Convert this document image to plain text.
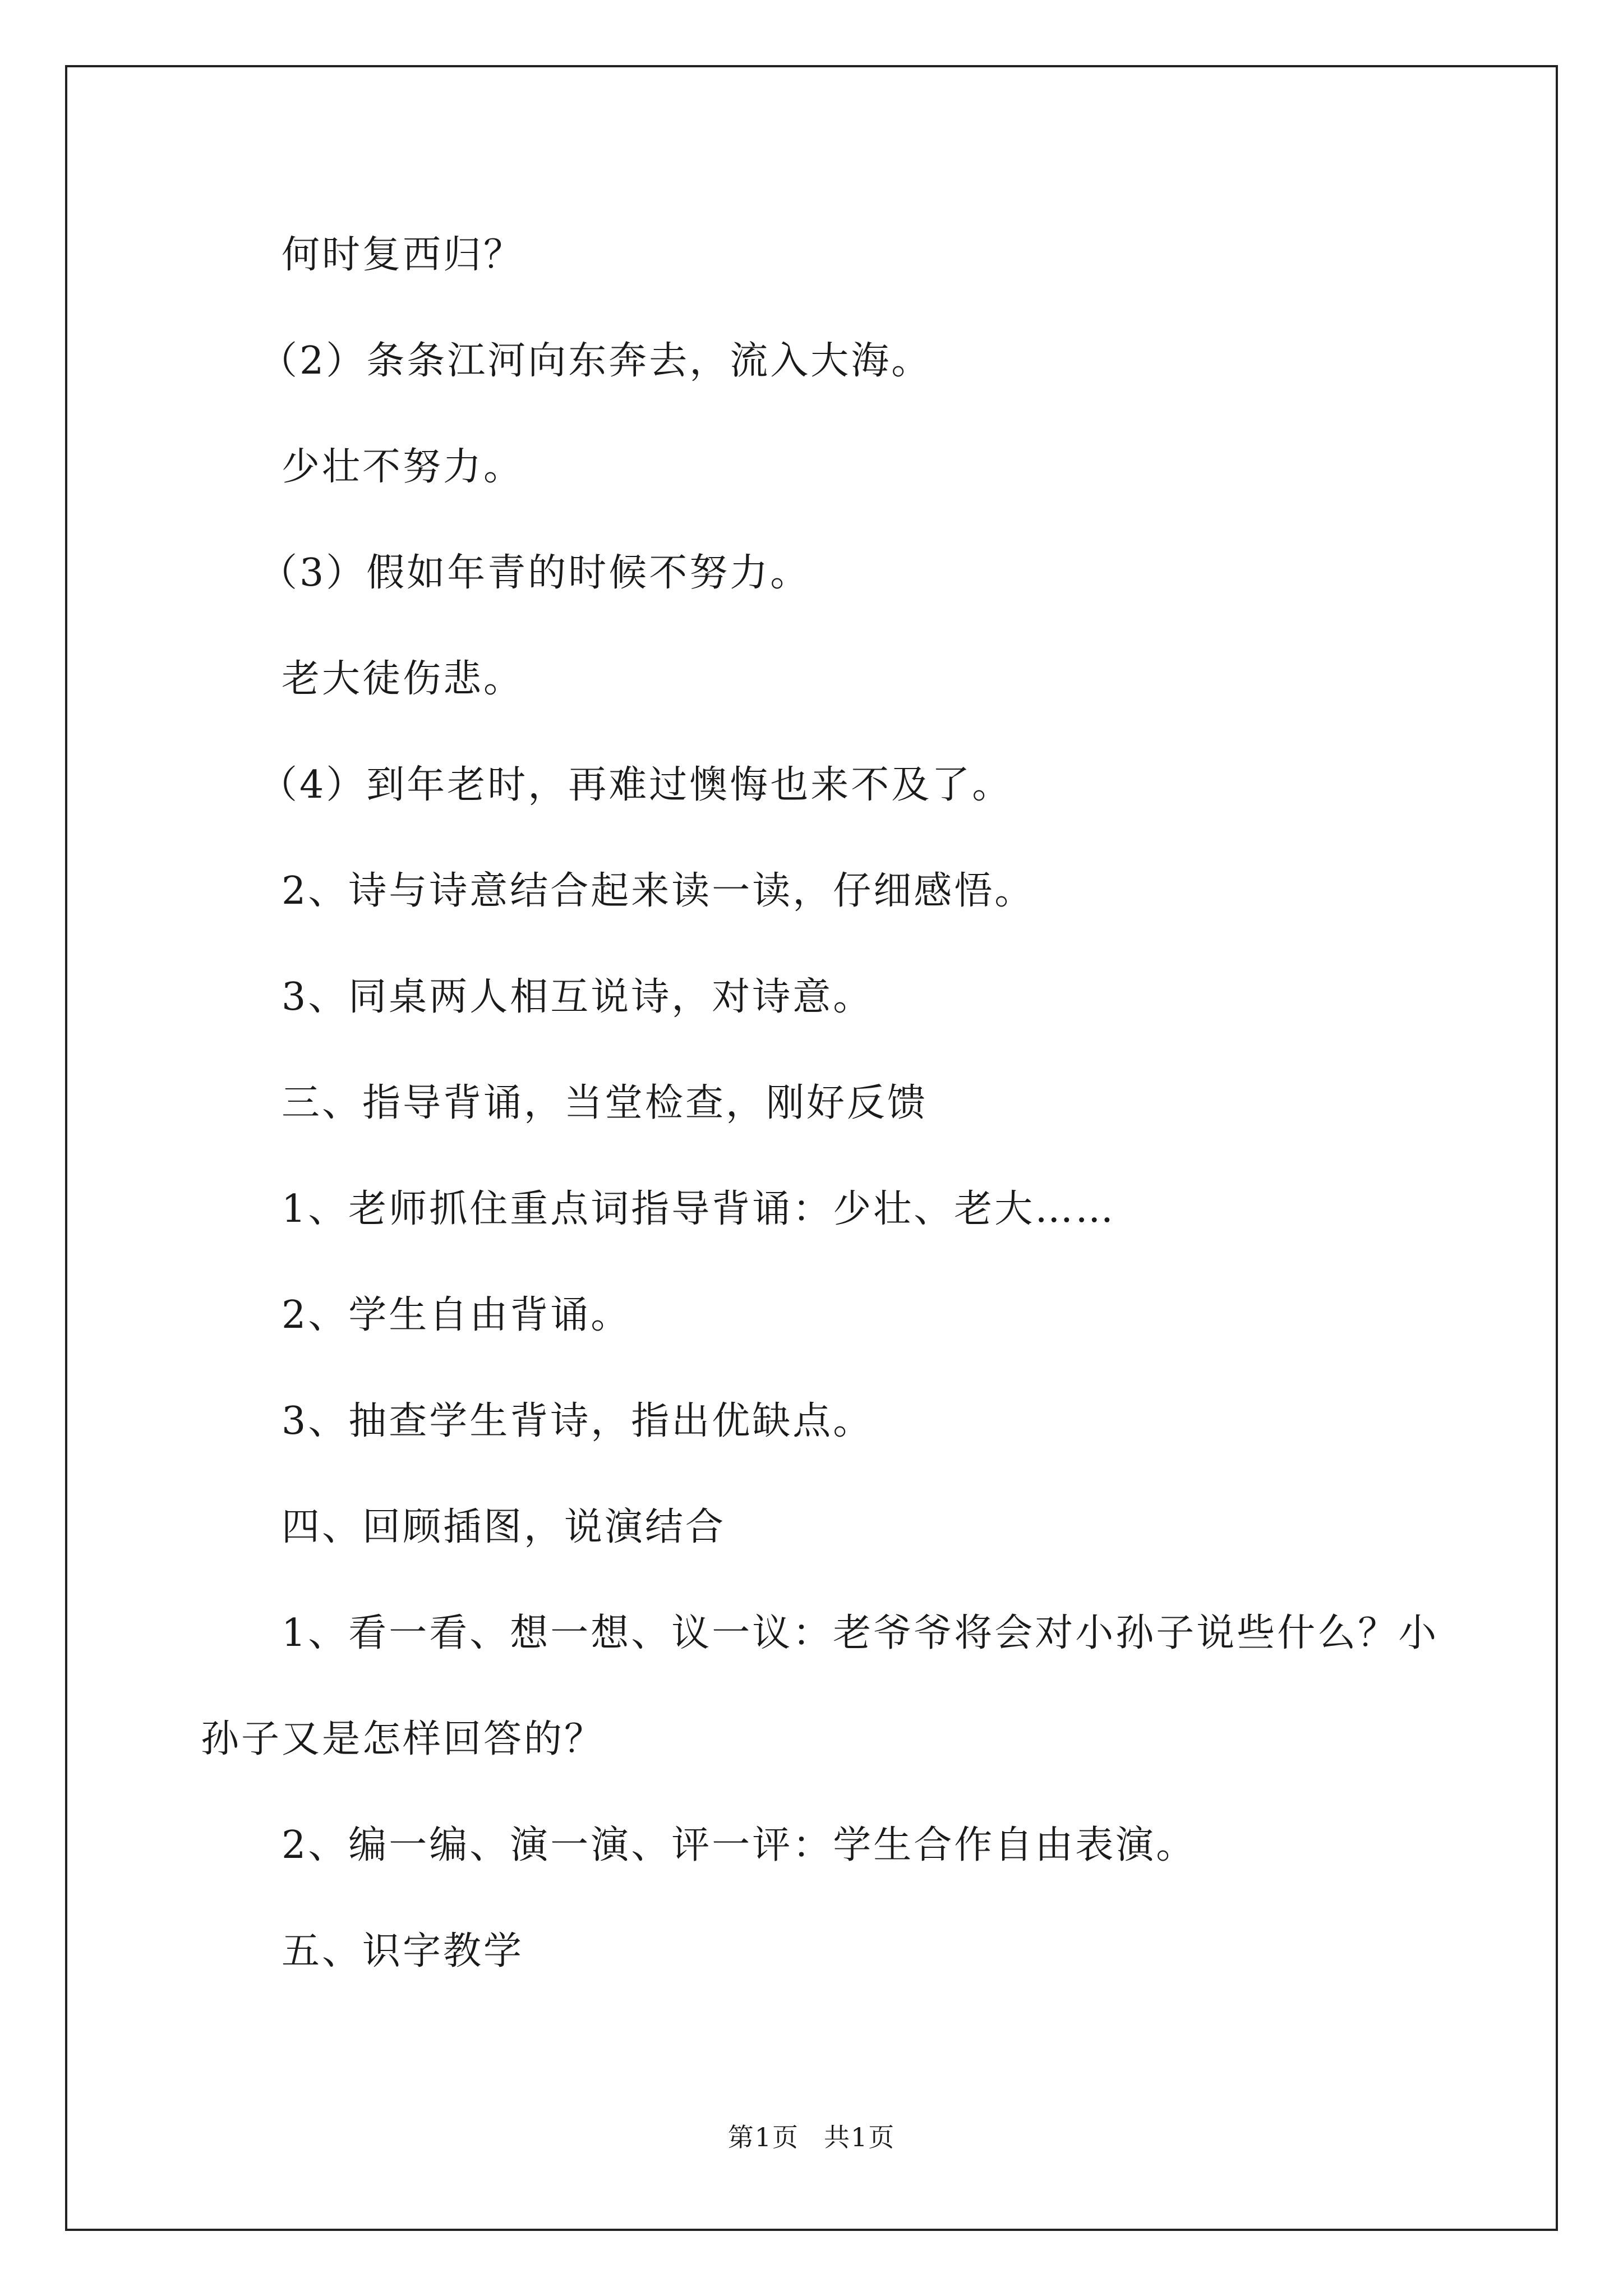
何时复西归？
（2）条条江河向东奔去，流入大海。
少壮不努力。
（3）假如年青的时候不努力。
老大徒伤悲。
（4）到年老时，再难过懊悔也来不及了。
2、诗与诗意结合起来读一读，仔细感悟。
3、同桌两人相互说诗，对诗意。
三、指导背诵，当堂检查，刚好反馈
1、老师抓住重点词指导背诵：少壮、老大……
2、学生自由背诵。
3、抽查学生背诗，指出优缺点。
四、回顾插图，说演结合
1、看一看、想一想、议一议：老爷爷将会对小孙子说些什么？小
孙子又是怎样回答的？
2、编一编、演一演、评一评：学生合作自由表演。
五、识字教学
第1页 共1页
